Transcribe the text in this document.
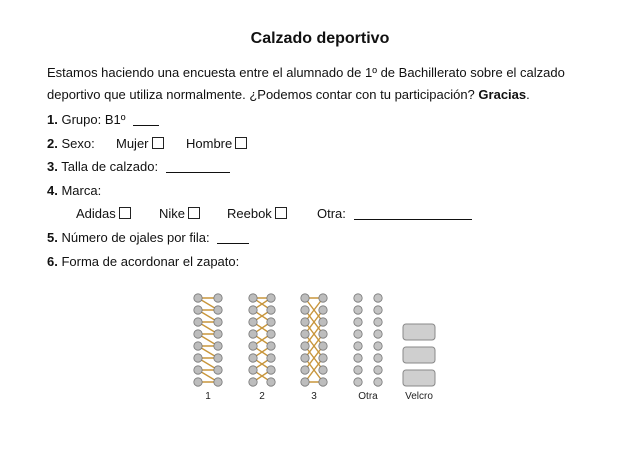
Calzado deportivo
Estamos haciendo una encuesta entre el alumnado de 1º de Bachillerato sobre el calzado deportivo que utiliza normalmente. ¿Podemos contar con tu participación? Gracias.
1. Grupo: B1º
2. Sexo: Mujer	Hombre
3. Talla de calzado:
4. Marca:
Adidas	Nike	Reebok	Otra:
5. Número de ojales por fila:
6. Forma de acordonar el zapato:
1	2	3	Otra	Velcro
